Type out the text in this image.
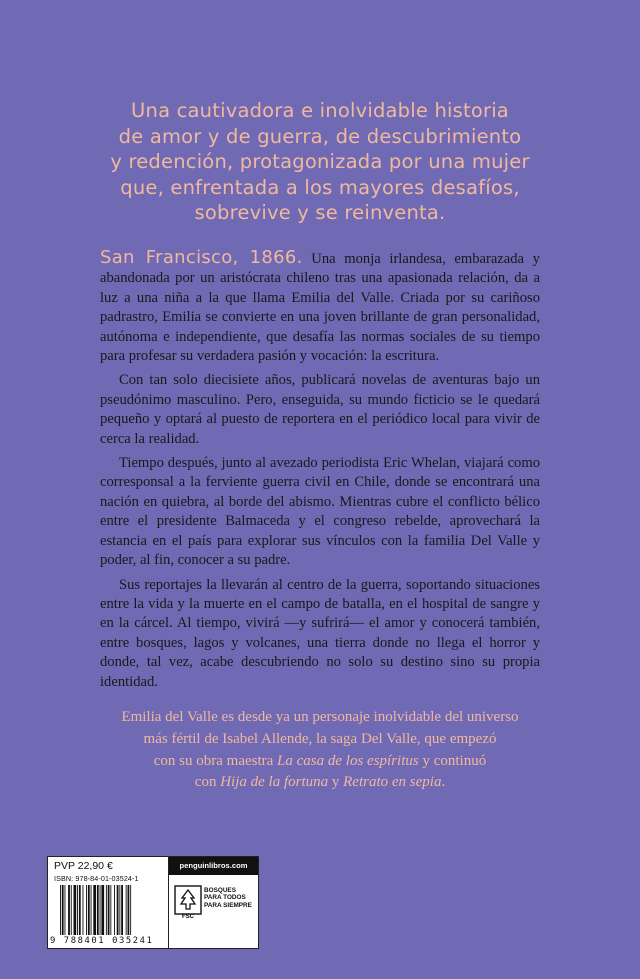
Una cautivadora e inolvidable historia
de amor y de guerra, de descubrimiento
y redención, protagonizada por una mujer
que, enfrentada a los mayores desafíos,
sobrevive y se reinventa.

San Francisco, 1866. Una monja irlandesa, embarazada y abandonada por un aristócrata chileno tras una apasionada relación, da a luz a una niña a la que llama Emilia del Valle. Criada por su cariñoso padrastro, Emilia se convierte en una joven brillante de gran personalidad, autónoma e independiente, que desafía las normas sociales de su tiempo para profesar su verdadera pasión y vocación: la escritura.

Con tan solo diecisiete años, publicará novelas de aventuras bajo un pseudónimo masculino. Pero, enseguida, su mundo ficticio se le quedará pequeño y optará al puesto de reportera en el periódico local para vivir de cerca la realidad.

Tiempo después, junto al avezado periodista Eric Whelan, viajará como corresponsal a la ferviente guerra civil en Chile, donde se encontrará una nación en quiebra, al borde del abismo. Mientras cubre el conflicto bélico entre el presidente Balmaceda y el congreso rebelde, aprovechará la estancia en el país para explorar sus vínculos con la familia Del Valle y poder, al fin, conocer a su padre.

Sus reportajes la llevarán al centro de la guerra, soportando situaciones entre la vida y la muerte en el campo de batalla, en el hospital de sangre y en la cárcel. Al tiempo, vivirá —y sufrirá— el amor y conocerá también, entre bosques, lagos y volcanes, una tierra donde no llega el horror y donde, tal vez, acabe descubriendo no solo su destino sino su propia identidad.

Emilia del Valle es desde ya un personaje inolvidable del universo
más fértil de Isabel Allende, la saga Del Valle, que empezó
con su obra maestra La casa de los espíritus y continuó
con Hija de la fortuna y Retrato en sepia.
PVP 22,90 €
ISBN: 978-84-01-03524-1
9 788401 035241
penguinlibros.com
FSC
BOSQUES
PARA TODOS
PARA SIEMPRE
